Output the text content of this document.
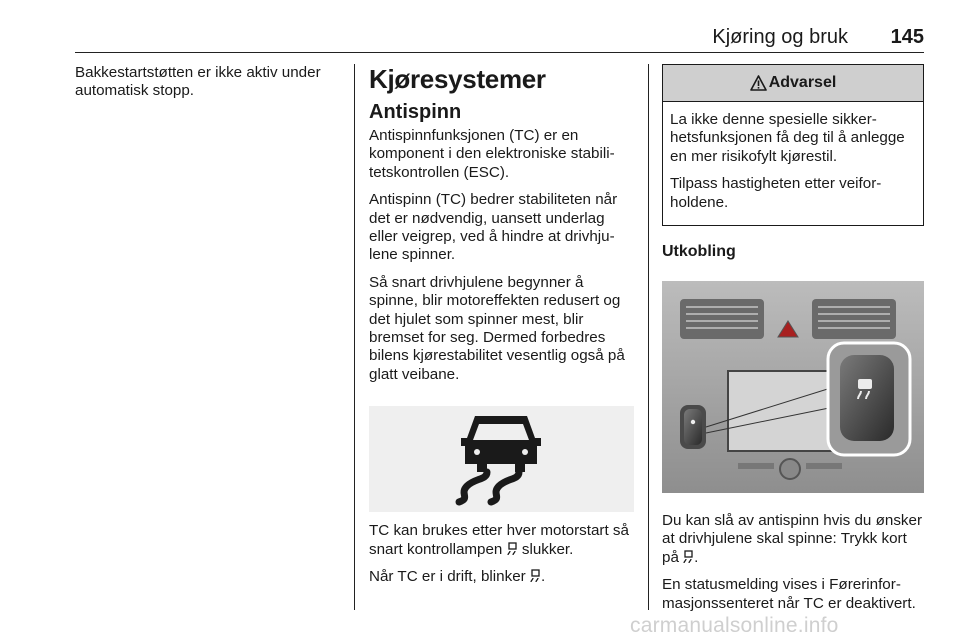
Kjøring og bruk 145

Bakkestartstøtten er ikke aktiv under automatisk stopp.	Kjøresystemer
Antispinn

Antispinnfunksjonen (TC) er en komponent i den elektroniske stabilitetskontrollen (ESC).

Antispinn (TC) bedrer stabiliteten når det er nødvendig, uansett underlag eller veigrep, ved å hindre at drivhjulene spinner.

Så snart drivhjulene begynner å spinne, blir motoreffekten redusert og det hjulet som spinner mest, blir bremset for seg. Dermed forbedres bilens kjørestabilitet vesentlig også på glatt veibane.

TC kan brukes etter hver motorstart så snart kontrollampen slukker.

Når TC er i drift, blinker .

Advarsel

La ikke denne spesielle sikkerhetsfunksjonen få deg til å anlegge en mer risikofylt kjørestil.

Tilpass hastigheten etter veiforholdene.

Utkobling

Du kan slå av antispinn hvis du ønsker at drivhjulene skal spinne: Trykk kort på .

En statusmelding vises i Førerinformasjonssenteret når TC er deaktivert.

carmanualsonline.info
